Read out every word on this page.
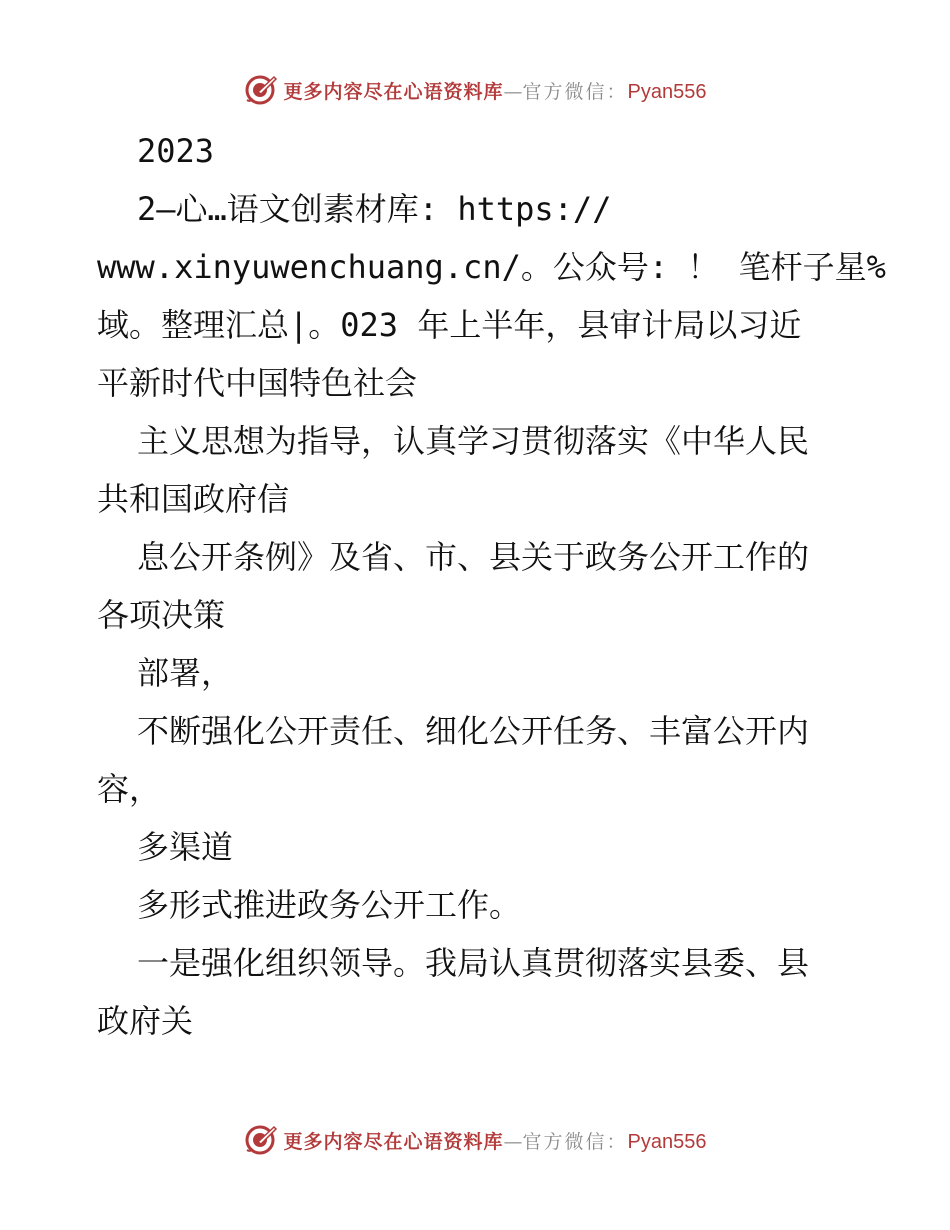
更多内容尽在心语资料库 — 官方微信： Pyan556

2023

2—心…语文创素材库: https://

www.xinyuwenchuang.cn/。公众号: ！ 笔杆子星%

域。整理汇总|。023 年上半年，县审计局以习近

平新时代中国特色社会

主义思想为指导，认真学习贯彻落实《中华人民

共和国政府信

息公开条例》及省、市、县关于政务公开工作的

各项决策

部署，

不断强化公开责任、细化公开任务、丰富公开内

容，

多渠道

多形式推进政务公开工作。

一是强化组织领导。我局认真贯彻落实县委、县

政府关

更多内容尽在心语资料库 — 官方微信： Pyan556
